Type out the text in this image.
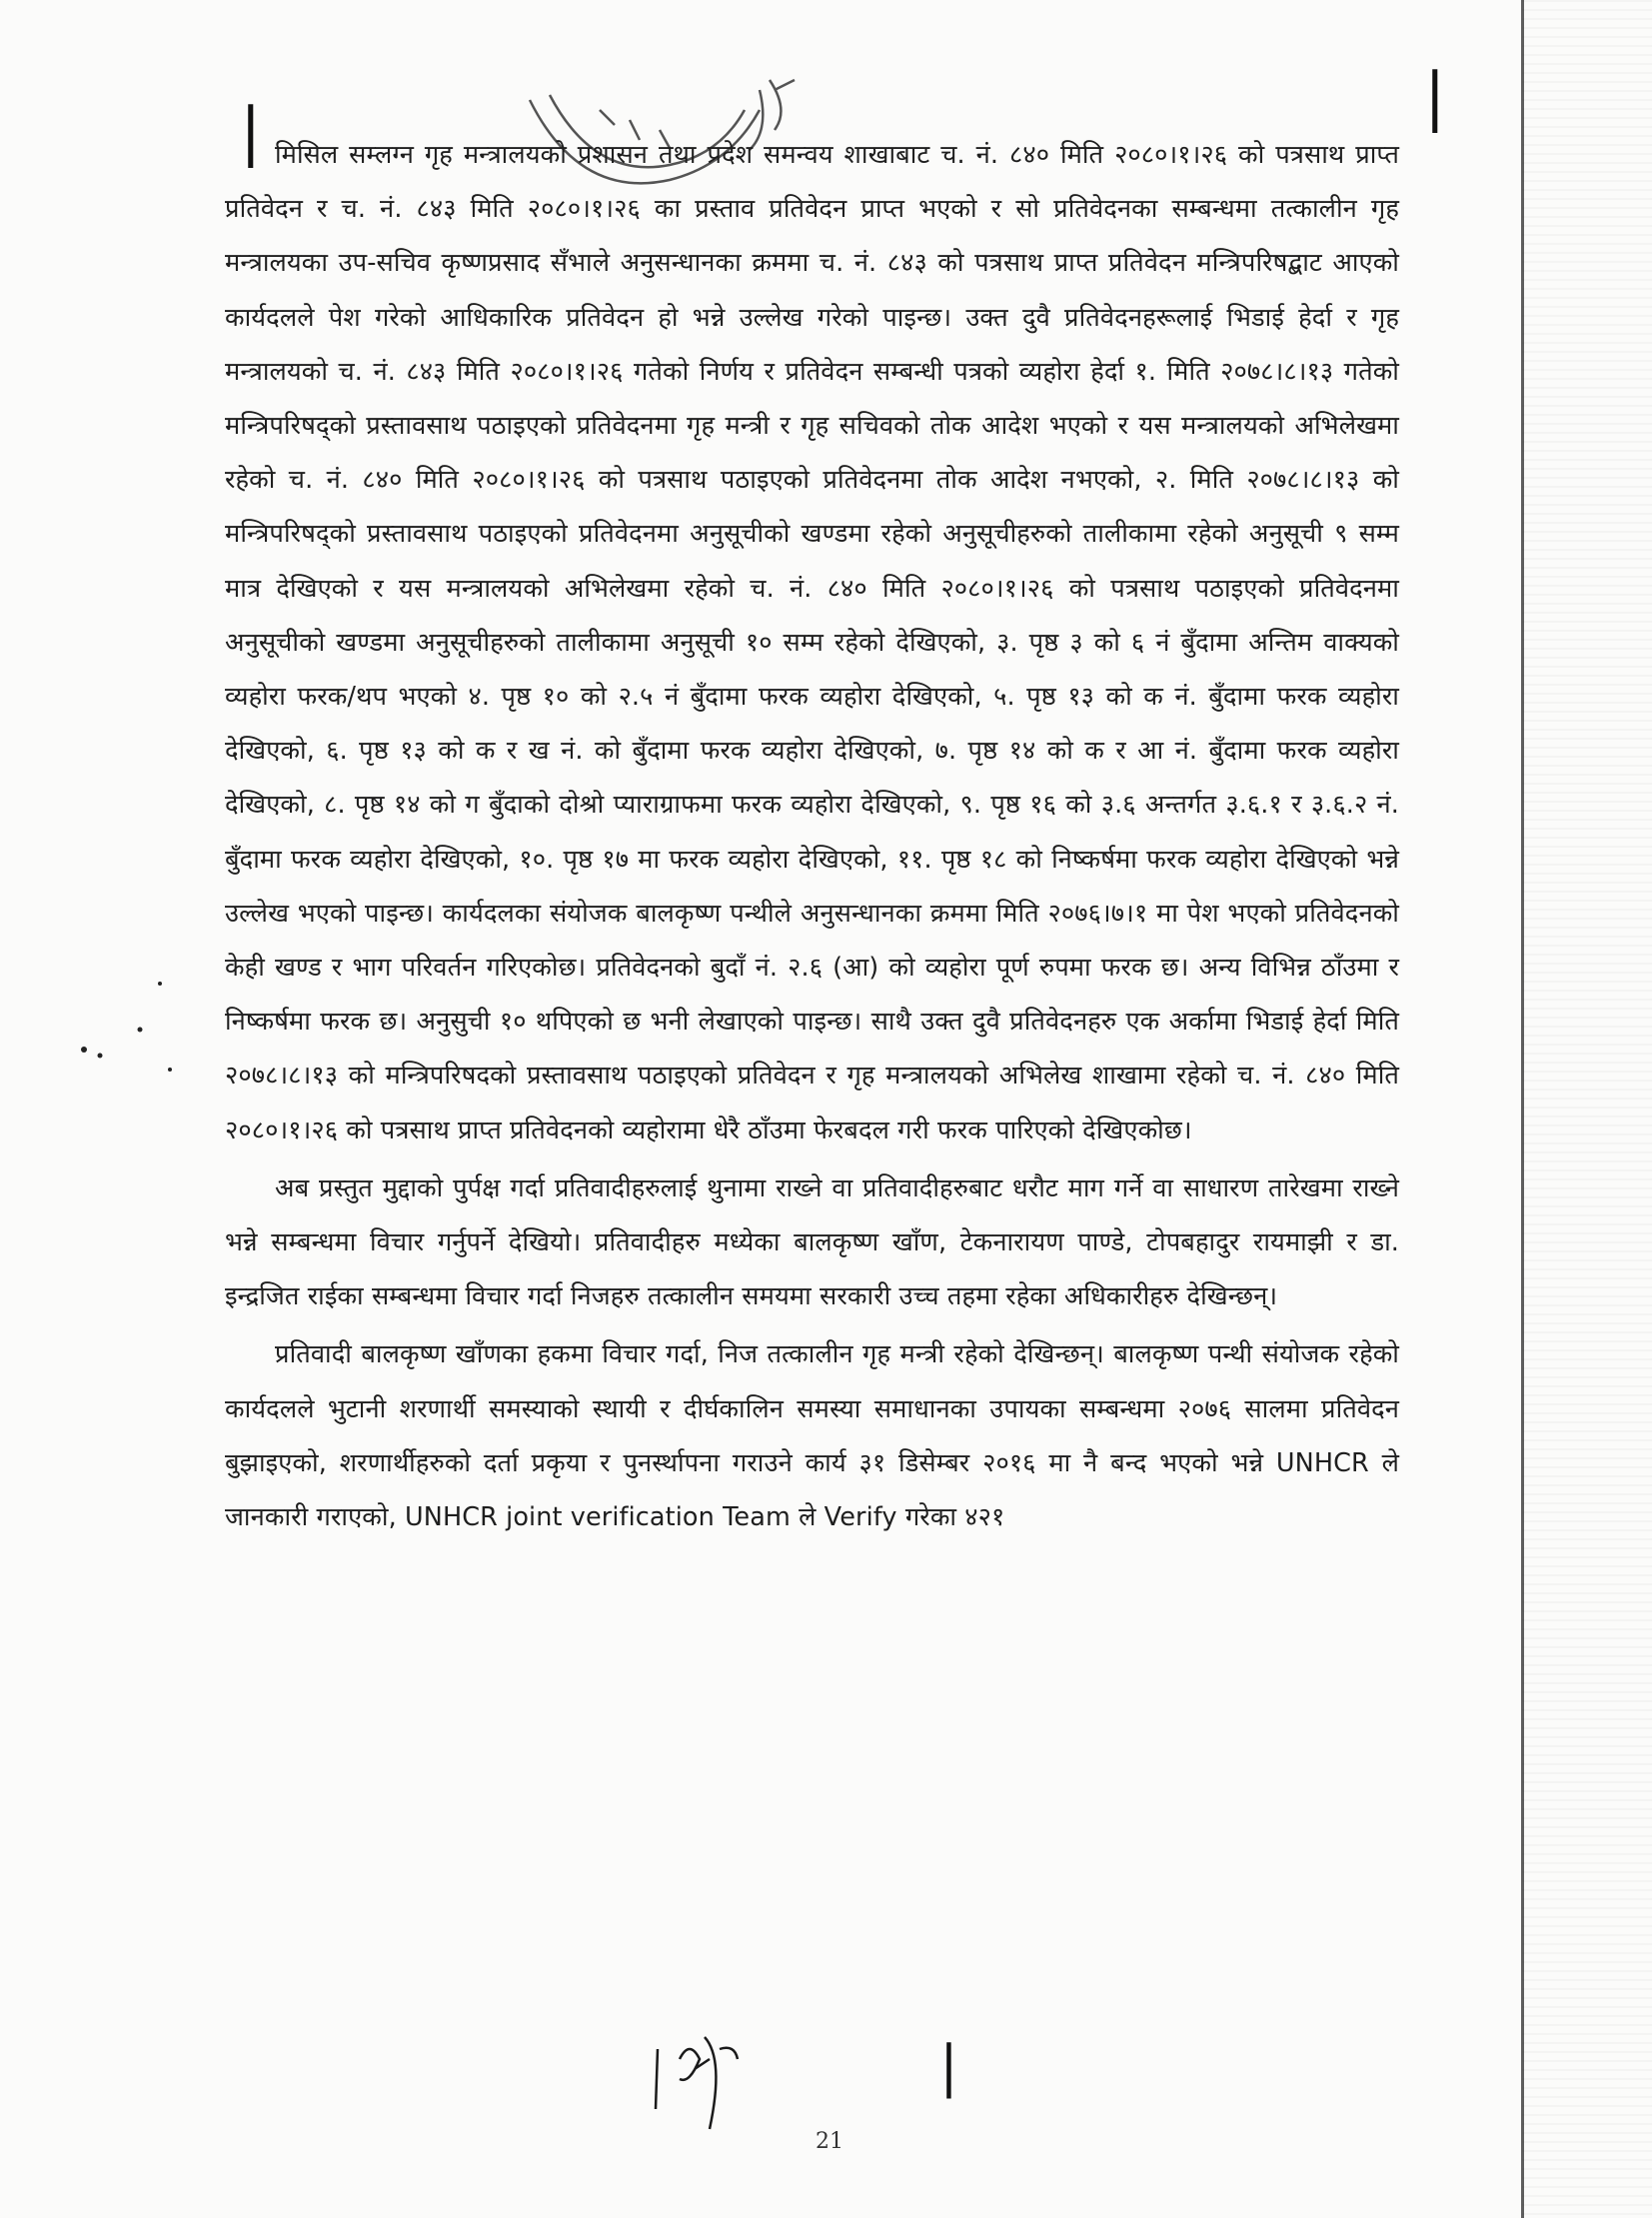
|	|

मिसिल सम्लग्न गृह मन्त्रालयको प्रशासन तथा प्रदेश समन्वय शाखाबाट च. नं. ८४० मिति २०८०।१।२६ को पत्रसाथ प्राप्त प्रतिवेदन र च. नं. ८४३ मिति २०८०।१।२६ का प्रस्ताव प्रतिवेदन प्राप्त भएको र सो प्रतिवेदनका सम्बन्धमा तत्कालीन गृह मन्त्रालयका उप-सचिव कृष्णप्रसाद सँभाले अनुसन्धानका क्रममा च. नं. ८४३ को पत्रसाथ प्राप्त प्रतिवेदन मन्त्रिपरिषद्बाट आएको कार्यदलले पेश गरेको आधिकारिक प्रतिवेदन हो भन्ने उल्लेख गरेको पाइन्छ। उक्त दुवै प्रतिवेदनहरूलाई भिडाई हेर्दा र गृह मन्त्रालयको च. नं. ८४३ मिति २०८०।१।२६ गतेको निर्णय र प्रतिवेदन सम्बन्धी पत्रको व्यहोरा हेर्दा १. मिति २०७८।८।१३ गतेको मन्त्रिपरिषद्को प्रस्तावसाथ पठाइएको प्रतिवेदनमा गृह मन्त्री र गृह सचिवको तोक आदेश भएको र यस मन्त्रालयको अभिलेखमा रहेको च. नं. ८४० मिति २०८०।१।२६ को पत्रसाथ पठाइएको प्रतिवेदनमा तोक आदेश नभएको, २. मिति २०७८।८।१३ को मन्त्रिपरिषद्को प्रस्तावसाथ पठाइएको प्रतिवेदनमा अनुसूचीको खण्डमा रहेको अनुसूचीहरुको तालीकामा रहेको अनुसूची ९ सम्म मात्र देखिएको र यस मन्त्रालयको अभिलेखमा रहेको च. नं. ८४० मिति २०८०।१।२६ को पत्रसाथ पठाइएको प्रतिवेदनमा अनुसूचीको खण्डमा अनुसूचीहरुको तालीकामा अनुसूची १० सम्म रहेको देखिएको, ३. पृष्ठ ३ को ६ नं बुँदामा अन्तिम वाक्यको व्यहोरा फरक/थप भएको ४. पृष्ठ १० को २.५ नं बुँदामा फरक व्यहोरा देखिएको, ५. पृष्ठ १३ को क नं. बुँदामा फरक व्यहोरा देखिएको, ६. पृष्ठ १३ को क र ख नं. को बुँदामा फरक व्यहोरा देखिएको, ७. पृष्ठ १४ को क र आ नं. बुँदामा फरक व्यहोरा देखिएको, ८. पृष्ठ १४ को ग बुँदाको दोश्रो प्याराग्राफमा फरक व्यहोरा देखिएको, ९. पृष्ठ १६ को ३.६ अन्तर्गत ३.६.१ र ३.६.२ नं. बुँदामा फरक व्यहोरा देखिएको, १०. पृष्ठ १७ मा फरक व्यहोरा देखिएको, ११. पृष्ठ १८ को निष्कर्षमा फरक व्यहोरा देखिएको भन्ने उल्लेख भएको पाइन्छ। कार्यदलका संयोजक बालकृष्ण पन्थीले अनुसन्धानका क्रममा मिति २०७६।७।१ मा पेश भएको प्रतिवेदनको केही खण्ड र भाग परिवर्तन गरिएकोछ। प्रतिवेदनको बुदाँ नं. २.६ (आ) को व्यहोरा पूर्ण रुपमा फरक छ। अन्य विभिन्न ठाँउमा र निष्कर्षमा फरक छ। अनुसुची १० थपिएको छ भनी लेखाएको पाइन्छ। साथै उक्त दुवै प्रतिवेदनहरु एक अर्कामा भिडाई हेर्दा मिति २०७८।८।१३ को मन्त्रिपरिषदको प्रस्तावसाथ पठाइएको प्रतिवेदन र गृह मन्त्रालयको अभिलेख शाखामा रहेको च. नं. ८४० मिति २०८०।१।२६ को पत्रसाथ प्राप्त प्रतिवेदनको व्यहोरामा धेरै ठाँउमा फेरबदल गरी फरक पारिएको देखिएकोछ।

अब प्रस्तुत मुद्दाको पुर्पक्ष गर्दा प्रतिवादीहरुलाई थुनामा राख्ने वा प्रतिवादीहरुबाट धरौट माग गर्ने वा साधारण तारेखमा राख्ने भन्ने सम्बन्धमा विचार गर्नुपर्ने देखियो। प्रतिवादीहरु मध्येका बालकृष्ण खाँण, टेकनारायण पाण्डे, टोपबहादुर रायमाझी र डा. इन्द्रजित राईका सम्बन्धमा विचार गर्दा निजहरु तत्कालीन समयमा सरकारी उच्च तहमा रहेका अधिकारीहरु देखिन्छन्।

प्रतिवादी बालकृष्ण खाँणका हकमा विचार गर्दा, निज तत्कालीन गृह मन्त्री रहेको देखिन्छन्। बालकृष्ण पन्थी संयोजक रहेको कार्यदलले भुटानी शरणार्थी समस्याको स्थायी र दीर्घकालिन समस्या समाधानका उपायका सम्बन्धमा २०७६ सालमा प्रतिवेदन बुझाइएको, शरणार्थीहरुको दर्ता प्रकृया र पुनर्स्थापना गराउने कार्य ३१ डिसेम्बर २०१६ मा नै बन्द भएको भन्ने UNHCR ले जानकारी गराएको, UNHCR joint verification Team ले Verify गरेका ४२१

|
21
